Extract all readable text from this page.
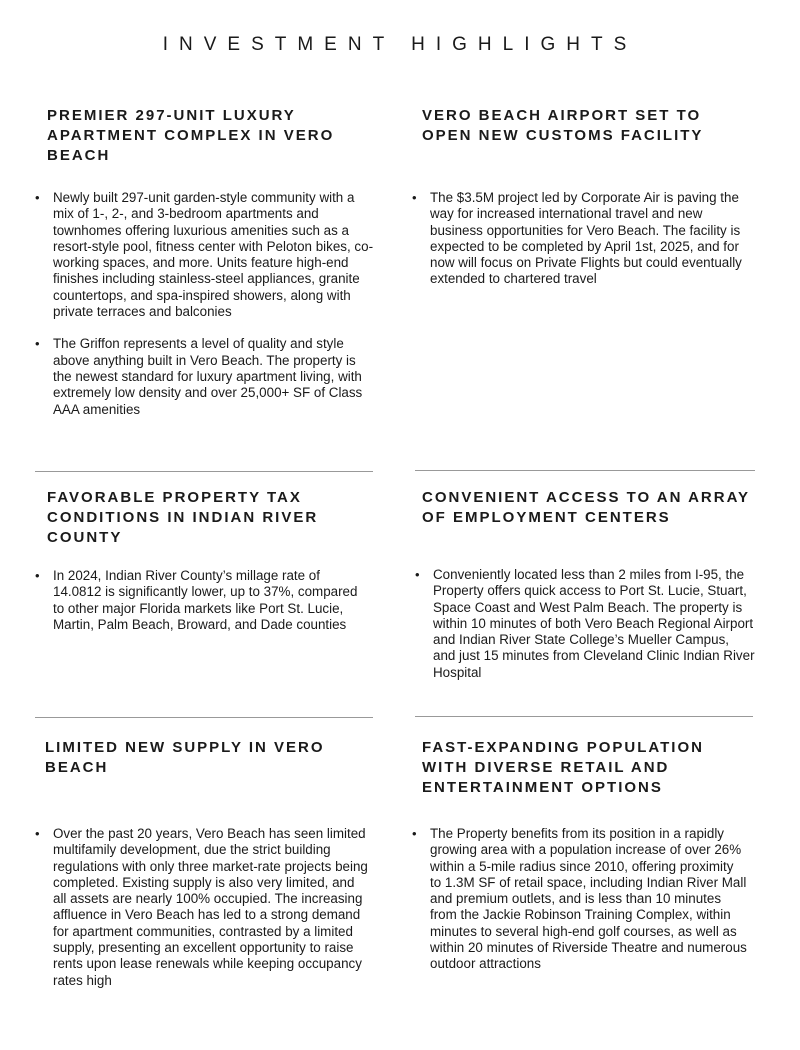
INVESTMENT HIGHLIGHTS
PREMIER 297-UNIT LUXURY APARTMENT COMPLEX IN VERO BEACH
• Newly built 297-unit garden-style community with a mix of 1-, 2-, and 3-bedroom apartments and townhomes offering luxurious amenities such as a resort-style pool, fitness center with Peloton bikes, co-working spaces, and more. Units feature high-end finishes including stainless-steel appliances, granite countertops, and spa-inspired showers, along with private terraces and balconies
• The Griffon represents a level of quality and style above anything built in Vero Beach. The property is the newest standard for luxury apartment living, with extremely low density and over 25,000+ SF of Class AAA amenities
VERO BEACH AIRPORT SET TO OPEN NEW CUSTOMS FACILITY
• The $3.5M project led by Corporate Air is paving the way for increased international travel and new business opportunities for Vero Beach. The facility is expected to be completed by April 1st, 2025, and for now will focus on Private Flights but could eventually extended to chartered travel
FAVORABLE PROPERTY TAX CONDITIONS IN INDIAN RIVER COUNTY
• In 2024, Indian River County’s millage rate of 14.0812 is significantly lower, up to 37%, compared to other major Florida markets like Port St. Lucie, Martin, Palm Beach, Broward, and Dade counties
CONVENIENT ACCESS TO AN ARRAY OF EMPLOYMENT CENTERS
• Conveniently located less than 2 miles from I-95, the Property offers quick access to Port St. Lucie, Stuart, Space Coast and West Palm Beach. The property is within 10 minutes of both Vero Beach Regional Airport and Indian River State College’s Mueller Campus, and just 15 minutes from Cleveland Clinic Indian River Hospital
LIMITED NEW SUPPLY IN VERO BEACH
• Over the past 20 years, Vero Beach has seen limited multifamily development, due the strict building regulations with only three market-rate projects being completed. Existing supply is also very limited, and all assets are nearly 100% occupied. The increasing affluence in Vero Beach has led to a strong demand for apartment communities, contrasted by a limited supply, presenting an excellent opportunity to raise rents upon lease renewals while keeping occupancy rates high
FAST-EXPANDING POPULATION WITH DIVERSE RETAIL AND ENTERTAINMENT OPTIONS
• The Property benefits from its position in a rapidly growing area with a population increase of over 26% within a 5-mile radius since 2010, offering proximity to 1.3M SF of retail space, including Indian River Mall and premium outlets, and is less than 10 minutes from the Jackie Robinson Training Complex, within minutes to several high-end golf courses, as well as within 20 minutes of Riverside Theatre and numerous outdoor attractions
